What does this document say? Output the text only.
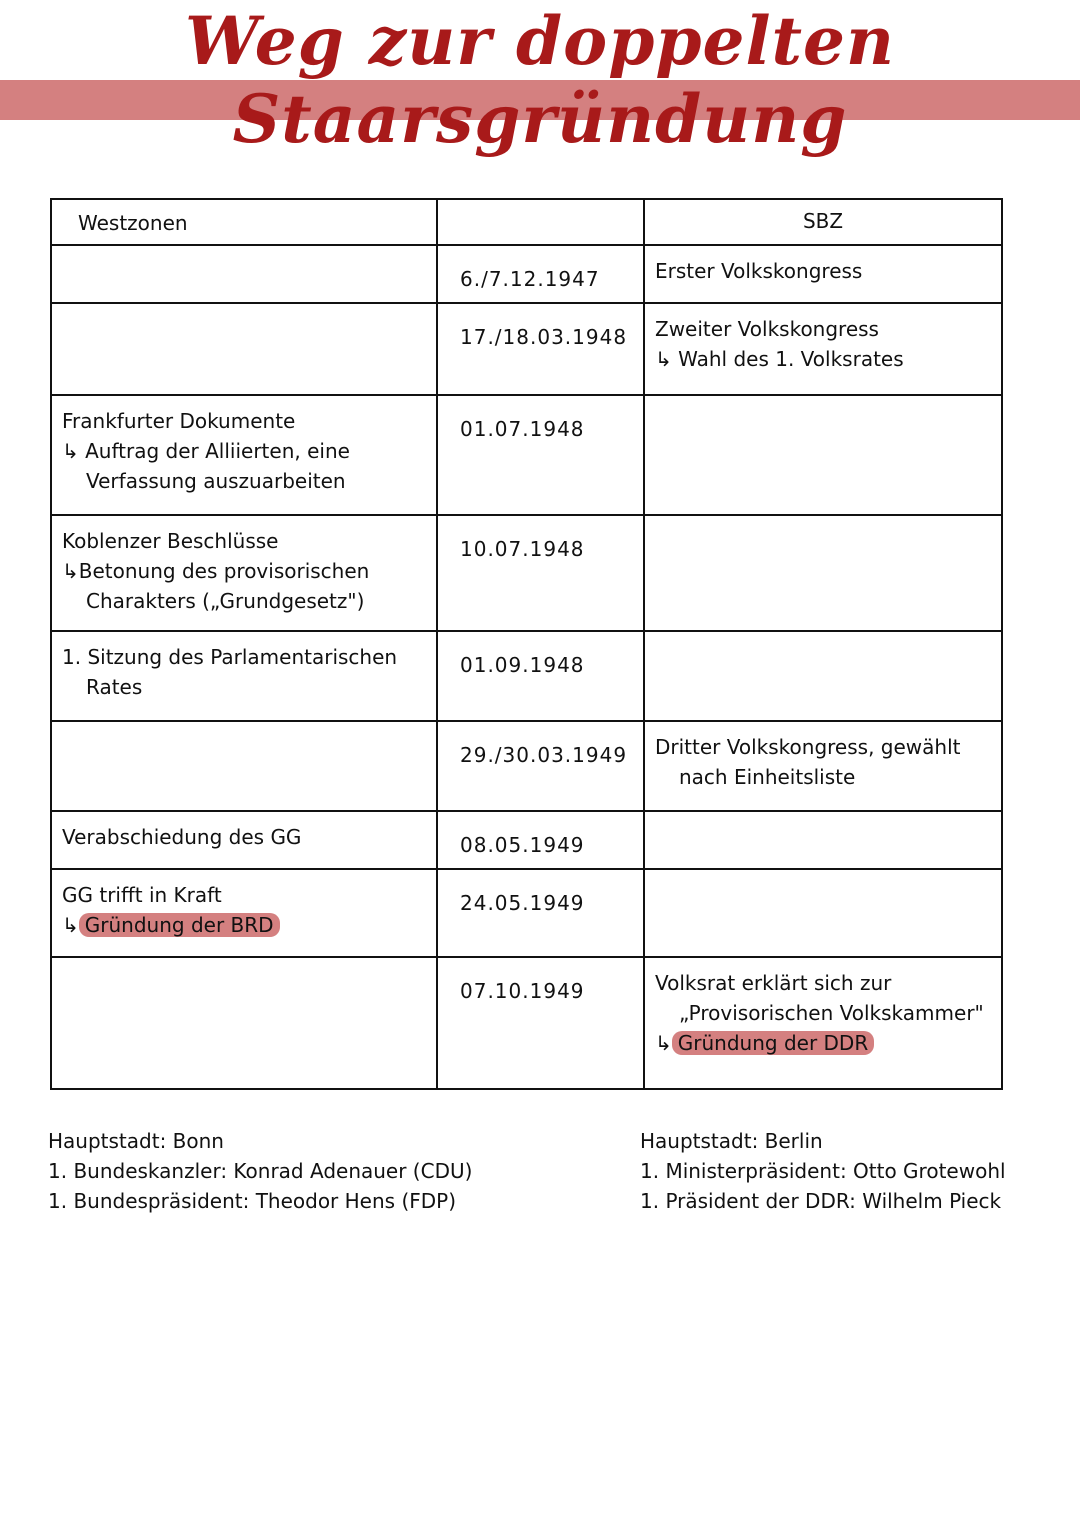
Weg zur doppelten Staarsgründung
Westzonen		SBZ

	6./7.12.1947	Erster Volkskongress

	17./18.03.1948	Zweiter Volkskongress
↳ Wahl des 1. Volksrates

Frankfurter Dokumente
↳ Auftrag der Alliierten, eine
Verfassung auszuarbeiten	01.07.1948	

Koblenzer Beschlüsse
↳Betonung des provisorischen
Charakters („Grundgesetz")	10.07.1948	

1. Sitzung des Parlamentarischen
Rates	01.09.1948	

	29./30.03.1949	Dritter Volkskongress, gewählt
nach Einheitsliste

Verabschiedung des GG	08.05.1949	

GG trifft in Kraft
↳ Gründung der BRD	24.05.1949	

	07.10.1949	Volksrat erklärt sich zur
„Provisorischen Volkskammer"
↳ Gründung der DDR
Hauptstadt: Bonn
1. Bundeskanzler: Konrad Adenauer (CDU)
1. Bundespräsident: Theodor Hens (FDP)
Hauptstadt: Berlin
1. Ministerpräsident: Otto Grotewohl
1. Präsident der DDR: Wilhelm Pieck
